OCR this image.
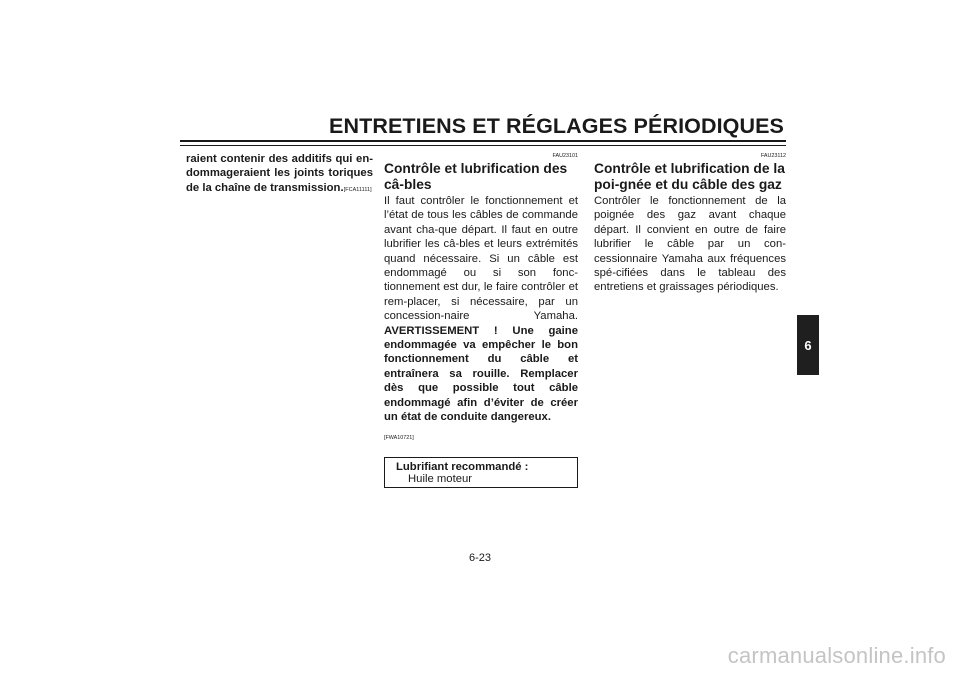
ENTRETIENS ET RÉGLAGES PÉRIODIQUES
raient contenir des additifs qui en-dommageraient les joints toriques de la chaîne de transmission.[FCA11111]
FAU23101
Contrôle et lubrification des câ-bles
Il faut contrôler le fonctionnement et l’état de tous les câbles de commande avant cha-que départ. Il faut en outre lubrifier les câ-bles et leurs extrémités quand nécessaire. Si un câble est endommagé ou si son fonc-tionnement est dur, le faire contrôler et rem-placer, si nécessaire, par un concession-naire Yamaha. AVERTISSEMENT ! Une gaine endommagée va empêcher le bon fonctionnement du câble et entraînera sa rouille. Remplacer dès que possible tout câble endommagé afin d’éviter de créer un état de conduite dangereux.
[FWA10721]
Lubrifiant recommandé :
Huile moteur
FAU23112
Contrôle et lubrification de la poi-gnée et du câble des gaz
Contrôler le fonctionnement de la poignée des gaz avant chaque départ. Il convient en outre de faire lubrifier le câble par un con-cessionnaire Yamaha aux fréquences spé-cifiées dans le tableau des entretiens et graissages périodiques.
6
6-23
carmanualsonline.info
